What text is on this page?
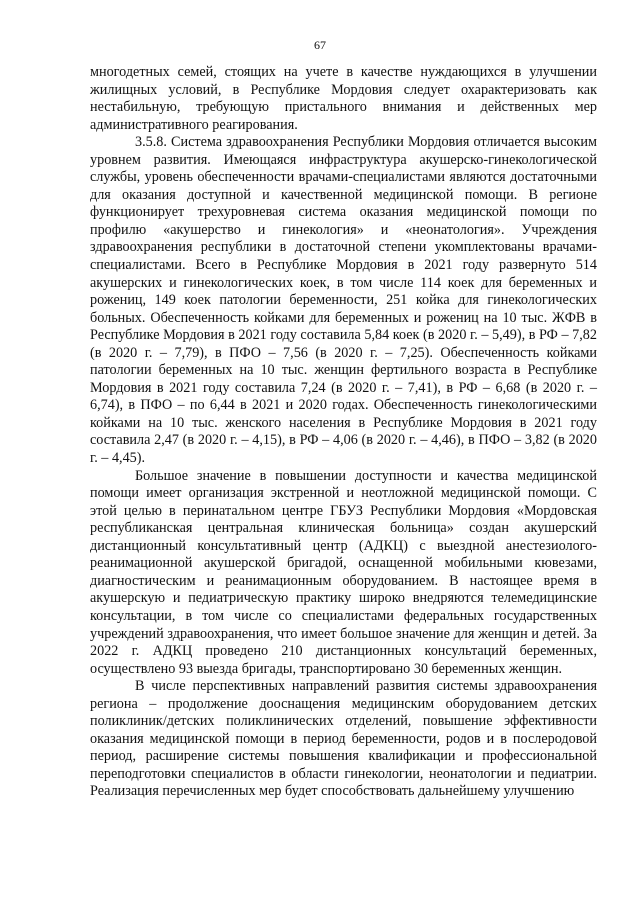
67

многодетных семей, стоящих на учете в качестве нуждающихся в улучшении жилищных условий, в Республике Мордовия следует охарактеризовать как нестабильную, требующую пристального внимания и действенных мер административного реагирования.

3.5.8. Система здравоохранения Республики Мордовия отличается высоким уровнем развития. Имеющаяся инфраструктура акушерско-гинекологической службы, уровень обеспеченности врачами-специалистами являются достаточными для оказания доступной и качественной медицинской помощи. В регионе функционирует трехуровневая система оказания медицинской помощи по профилю «акушерство и гинекология» и «неонатология». Учреждения здравоохранения республики в достаточной степени укомплектованы врачами-специалистами. Всего в Республике Мордовия в 2021 году развернуто 514 акушерских и гинекологических коек, в том числе 114 коек для беременных и рожениц, 149 коек патологии беременности, 251 койка для гинекологических больных. Обеспеченность койками для беременных и рожениц на 10 тыс. ЖФВ в Республике Мордовия в 2021 году составила 5,84 коек (в 2020 г. – 5,49), в РФ – 7,82 (в 2020 г. – 7,79), в ПФО – 7,56 (в 2020 г. – 7,25). Обеспеченность койками патологии беременных на 10 тыс. женщин фертильного возраста в Республике Мордовия в 2021 году составила 7,24 (в 2020 г. – 7,41), в РФ – 6,68 (в 2020 г. – 6,74), в ПФО – по 6,44 в 2021 и 2020 годах. Обеспеченность гинекологическими койками на 10 тыс. женского населения в Республике Мордовия в 2021 году составила 2,47 (в 2020 г. – 4,15), в РФ – 4,06 (в 2020 г. – 4,46), в ПФО – 3,82 (в 2020 г. – 4,45).

Большое значение в повышении доступности и качества медицинской помощи имеет организация экстренной и неотложной медицинской помощи. С этой целью в перинатальном центре ГБУЗ Республики Мордовия «Мордовская республиканская центральная клиническая больница» создан акушерский дистанционный консультативный центр (АДКЦ) с выездной анестезиолого-реанимационной акушерской бригадой, оснащенной мобильными кювезами, диагностическим и реанимационным оборудованием. В настоящее время в акушерскую и педиатрическую практику широко внедряются телемедицинские консультации, в том числе со специалистами федеральных государственных учреждений здравоохранения, что имеет большое значение для женщин и детей. За 2022 г. АДКЦ проведено 210 дистанционных консультаций беременных, осуществлено 93 выезда бригады, транспортировано 30 беременных женщин.

В числе перспективных направлений развития системы здравоохранения региона – продолжение дооснащения медицинским оборудованием детских поликлиник/детских поликлинических отделений, повышение эффективности оказания медицинской помощи в период беременности, родов и в послеродовой период, расширение системы повышения квалификации и профессиональной переподготовки специалистов в области гинекологии, неонатологии и педиатрии. Реализация перечисленных мер будет способствовать дальнейшему улучшению
